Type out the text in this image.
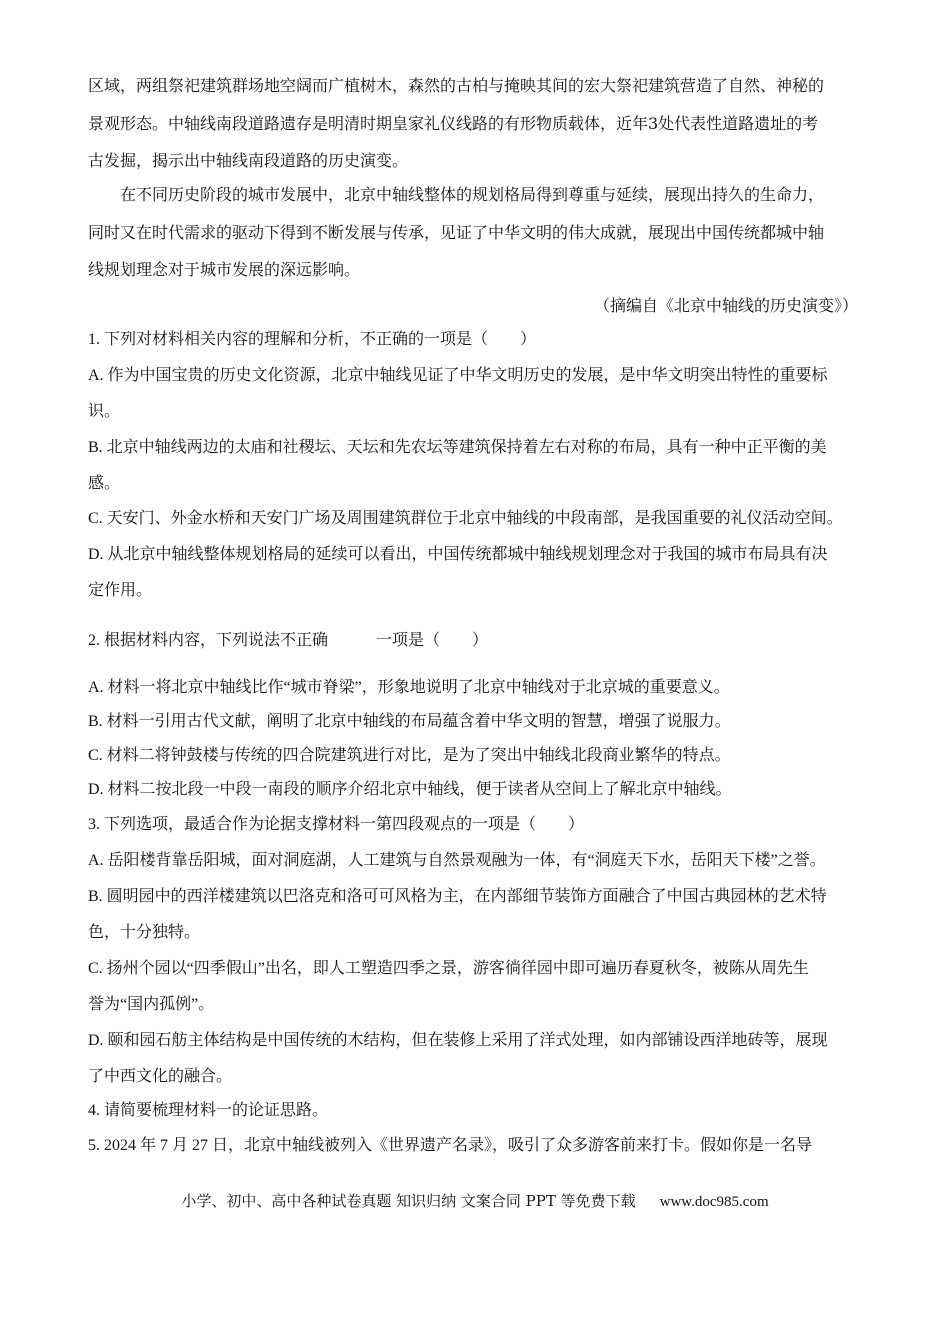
区域，两组祭祀建筑群场地空阔而广植树木，森然的古柏与掩映其间的宏大祭祀建筑营造了自然、神秘的
景观形态。中轴线南段道路遗存是明清时期皇家礼仪线路的有形物质载体，近年3处代表性道路遗址的考
古发掘，揭示出中轴线南段道路的历史演变。
在不同历史阶段的城市发展中，北京中轴线整体的规划格局得到尊重与延续，展现出持久的生命力，
同时又在时代需求的驱动下得到不断发展与传承，见证了中华文明的伟大成就，展现出中国传统都城中轴
线规划理念对于城市发展的深远影响。
（摘编自《北京中轴线的历史演变》）
1. 下列对材料相关内容的理解和分析，不正确的一项是（　　）
A. 作为中国宝贵的历史文化资源，北京中轴线见证了中华文明历史的发展，是中华文明突出特性的重要标
识。
B. 北京中轴线两边的太庙和社稷坛、天坛和先农坛等建筑保持着左右对称的布局，具有一种中正平衡的美
感。
C. 天安门、外金水桥和天安门广场及周围建筑群位于北京中轴线的中段南部，是我国重要的礼仪活动空间。
D. 从北京中轴线整体规划格局的延续可以看出，中国传统都城中轴线规划理念对于我国的城市布局具有决
定作用。
2. 根据材料内容，下列说法不正确　　　一项是（　　）
A. 材料一将北京中轴线比作“城市脊梁”，形象地说明了北京中轴线对于北京城的重要意义。
B. 材料一引用古代文献，阐明了北京中轴线的布局蕴含着中华文明的智慧，增强了说服力。
C. 材料二将钟鼓楼与传统的四合院建筑进行对比，是为了突出中轴线北段商业繁华的特点。
D. 材料二按北段一中段一南段的顺序介绍北京中轴线，便于读者从空间上了解北京中轴线。
3. 下列选项，最适合作为论据支撑材料一第四段观点的一项是（　　）
A. 岳阳楼背靠岳阳城，面对洞庭湖，人工建筑与自然景观融为一体，有“洞庭天下水，岳阳天下楼”之誉。
B. 圆明园中的西洋楼建筑以巴洛克和洛可可风格为主，在内部细节装饰方面融合了中国古典园林的艺术特
色，十分独特。
C. 扬州个园以“四季假山”出名，即人工塑造四季之景，游客徜徉园中即可遍历春夏秋冬，被陈从周先生
誉为“国内孤例”。
D. 颐和园石舫主体结构是中国传统的木结构，但在装修上采用了洋式处理，如内部铺设西洋地砖等，展现
了中西文化的融合。
4. 请简要梳理材料一的论证思路。
5. 2024 年 7 月 27 日，北京中轴线被列入《世界遗产名录》，吸引了众多游客前来打卡。假如你是一名导
小学、初中、高中各种试卷真题 知识归纳 文案合同 PPT 等免费下载 www.doc985.com
